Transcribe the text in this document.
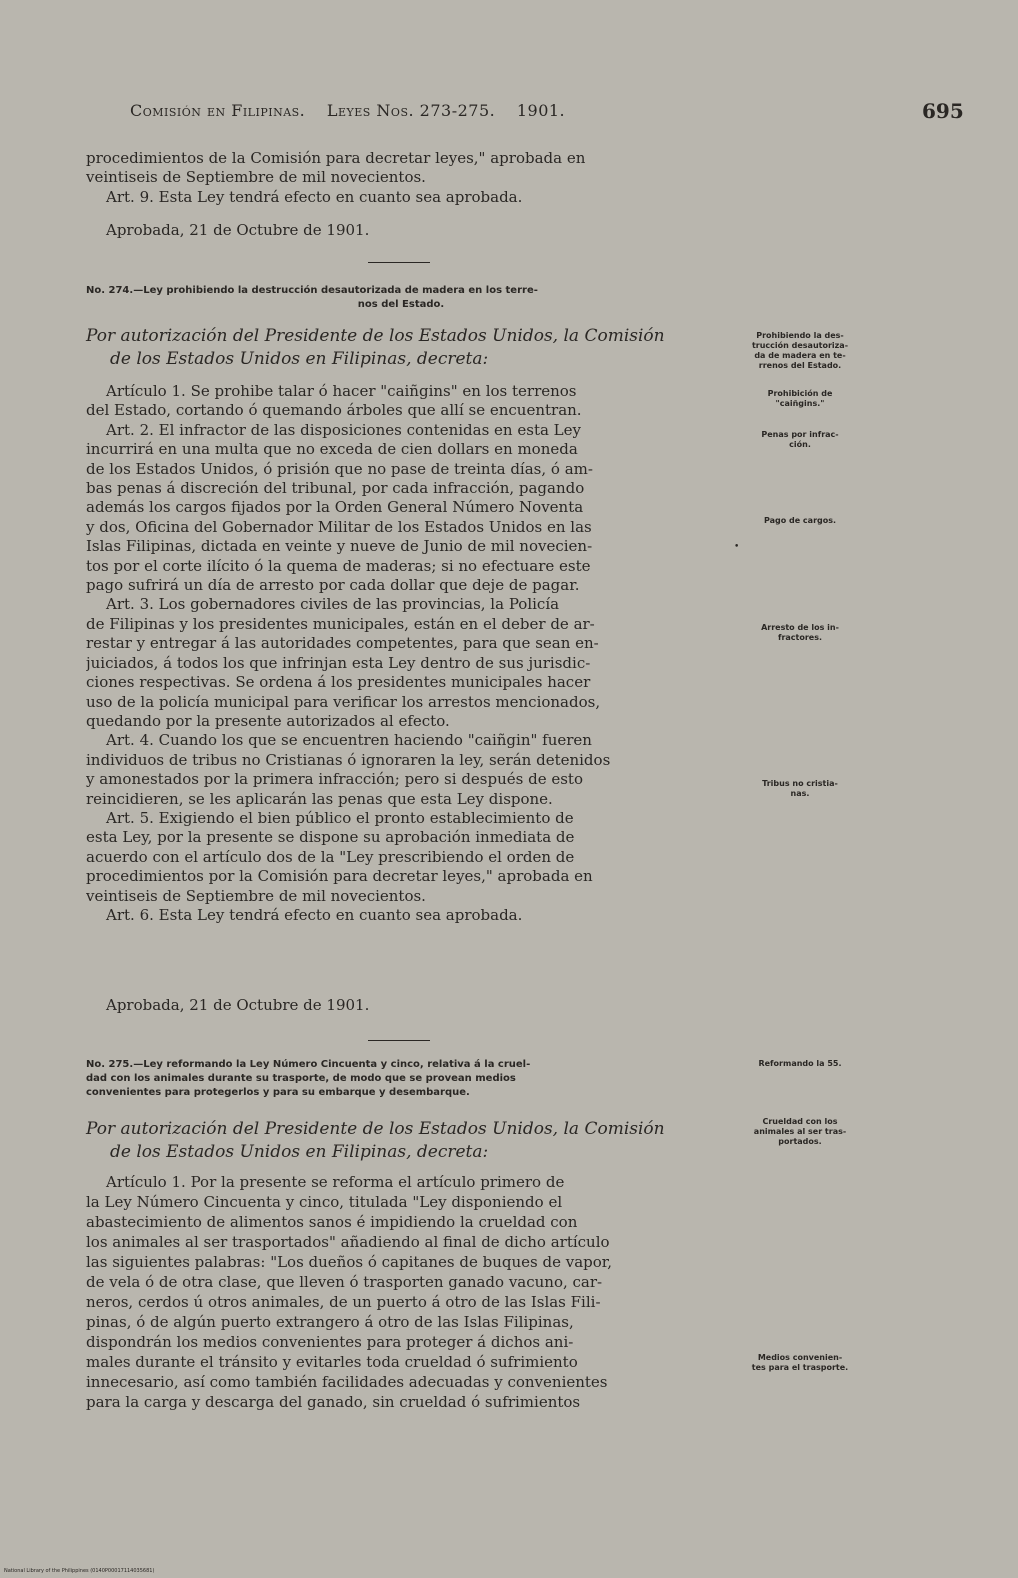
Comisión en Filipinas. Leyes Nos. 273-275. 1901.	695
procedimientos de la Comisión para decretar leyes," aprobada en
veintiseis de Septiembre de mil novecientos.
Art. 9. Esta Ley tendrá efecto en cuanto sea aprobada.
Aprobada, 21 de Octubre de 1901.
No. 274.—Ley prohibiendo la destrucción desautorizada de madera en los terre-
nos del Estado.
Por autorización del Presidente de los Estados Unidos, la Comisión
de los Estados Unidos en Filipinas, decreta:
Artículo 1. Se prohibe talar ó hacer "caiñgins" en los terrenos
del Estado, cortando ó quemando árboles que allí se encuentran.
Art. 2. El infractor de las disposiciones contenidas en esta Ley
incurrirá en una multa que no exceda de cien dollars en moneda
de los Estados Unidos, ó prisión que no pase de treinta días, ó am-
bas penas á discreción del tribunal, por cada infracción, pagando
además los cargos fijados por la Orden General Número Noventa
y dos, Oficina del Gobernador Militar de los Estados Unidos en las
Islas Filipinas, dictada en veinte y nueve de Junio de mil novecien-
tos por el corte ilícito ó la quema de maderas; si no efectuare este
pago sufrirá un día de arresto por cada dollar que deje de pagar.
Art. 3. Los gobernadores civiles de las provincias, la Policía
de Filipinas y los presidentes municipales, están en el deber de ar-
restar y entregar á las autoridades competentes, para que sean en-
juiciados, á todos los que infrinjan esta Ley dentro de sus jurisdic-
ciones respectivas. Se ordena á los presidentes municipales hacer
uso de la policía municipal para verificar los arrestos mencionados,
quedando por la presente autorizados al efecto.
Art. 4. Cuando los que se encuentren haciendo "caiñgin" fueren
individuos de tribus no Cristianas ó ignoraren la ley, serán detenidos
y amonestados por la primera infracción; pero si después de esto
reincidieren, se les aplicarán las penas que esta Ley dispone.
Art. 5. Exigiendo el bien público el pronto establecimiento de
esta Ley, por la presente se dispone su aprobación inmediata de
acuerdo con el artículo dos de la "Ley prescribiendo el orden de
procedimientos por la Comisión para decretar leyes," aprobada en
veintiseis de Septiembre de mil novecientos.
Art. 6. Esta Ley tendrá efecto en cuanto sea aprobada.
Aprobada, 21 de Octubre de 1901.
Prohibiendo la des-
trucción desautoriza-
da de madera en te-
rrenos del Estado.
Prohibición de
"caiñgins."
Penas por infrac-
ción.
Pago de cargos.
•
Arresto de los in-
fractores.
Tribus no cristia-
nas.
No. 275.—Ley reformando la Ley Número Cincuenta y cinco, relativa á la cruel-
dad con los animales durante su trasporte, de modo que se provean medios
convenientes para protegerlos y para su embarque y desembarque.
Por autorización del Presidente de los Estados Unidos, la Comisión
de los Estados Unidos en Filipinas, decreta:
Artículo 1. Por la presente se reforma el artículo primero de
la Ley Número Cincuenta y cinco, titulada "Ley disponiendo el
abastecimiento de alimentos sanos é impidiendo la crueldad con
los animales al ser trasportados" añadiendo al final de dicho artículo
las siguientes palabras: "Los dueños ó capitanes de buques de vapor,
de vela ó de otra clase, que lleven ó trasporten ganado vacuno, car-
neros, cerdos ú otros animales, de un puerto á otro de las Islas Fili-
pinas, ó de algún puerto extrangero á otro de las Islas Filipinas,
dispondrán los medios convenientes para proteger á dichos ani-
males durante el tránsito y evitarles toda crueldad ó sufrimiento
innecesario, así como también facilidades adecuadas y convenientes
para la carga y descarga del ganado, sin crueldad ó sufrimientos
Reformando la 55.
Crueldad con los
animales al ser tras-
portados.
Medios convenien-
tes para el trasporte.
National Library of the Philippines (0140P00017114035681)
